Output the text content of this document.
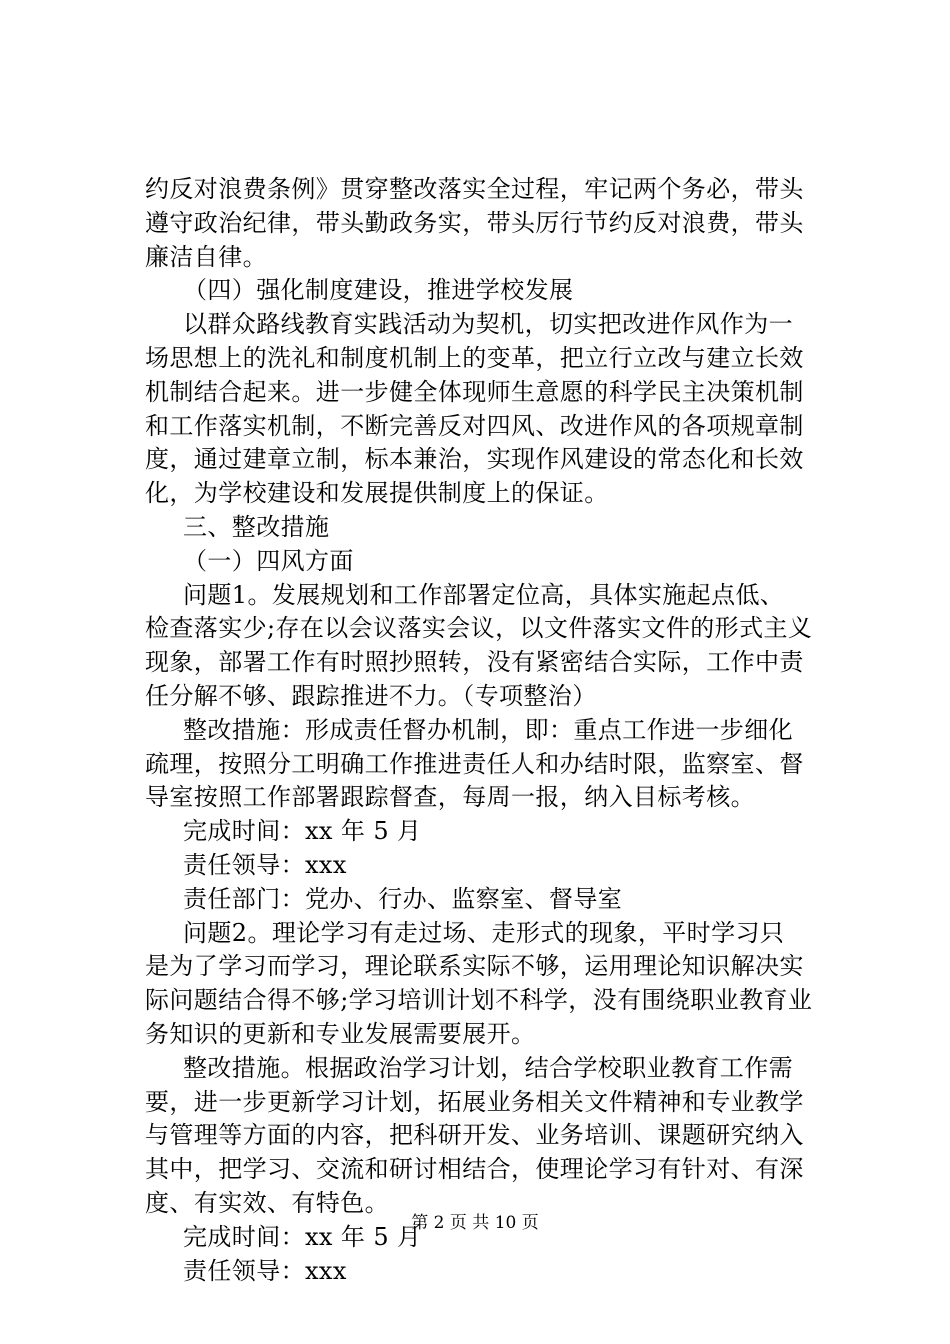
约反对浪费条例》贯穿整改落实全过程，牢记两个务必，带头
遵守政治纪律，带头勤政务实，带头厉行节约反对浪费，带头
廉洁自律。
（四）强化制度建设，推进学校发展
以群众路线教育实践活动为契机，切实把改进作风作为一
场思想上的洗礼和制度机制上的变革，把立行立改与建立长效
机制结合起来。进一步健全体现师生意愿的科学民主决策机制
和工作落实机制，不断完善反对四风、改进作风的各项规章制
度，通过建章立制，标本兼治，实现作风建设的常态化和长效
化，为学校建设和发展提供制度上的保证。
三、整改措施
（一）四风方面
问题1。发展规划和工作部署定位高，具体实施起点低、
检查落实少;存在以会议落实会议，以文件落实文件的形式主义
现象，部署工作有时照抄照转，没有紧密结合实际，工作中责
任分解不够、跟踪推进不力。（专项整治）
整改措施：形成责任督办机制，即：重点工作进一步细化
疏理，按照分工明确工作推进责任人和办结时限，监察室、督
导室按照工作部署跟踪督查，每周一报，纳入目标考核。
完成时间：xx 年 5 月
责任领导：xxx
责任部门：党办、行办、监察室、督导室
问题2。理论学习有走过场、走形式的现象，平时学习只
是为了学习而学习，理论联系实际不够，运用理论知识解决实
际问题结合得不够;学习培训计划不科学，没有围绕职业教育业
务知识的更新和专业发展需要展开。
整改措施。根据政治学习计划，结合学校职业教育工作需
要，进一步更新学习计划，拓展业务相关文件精神和专业教学
与管理等方面的内容，把科研开发、业务培训、课题研究纳入
其中，把学习、交流和研讨相结合，使理论学习有针对、有深
度、有实效、有特色。
完成时间：xx 年 5 月
责任领导：xxx
第 2 页 共 10 页
